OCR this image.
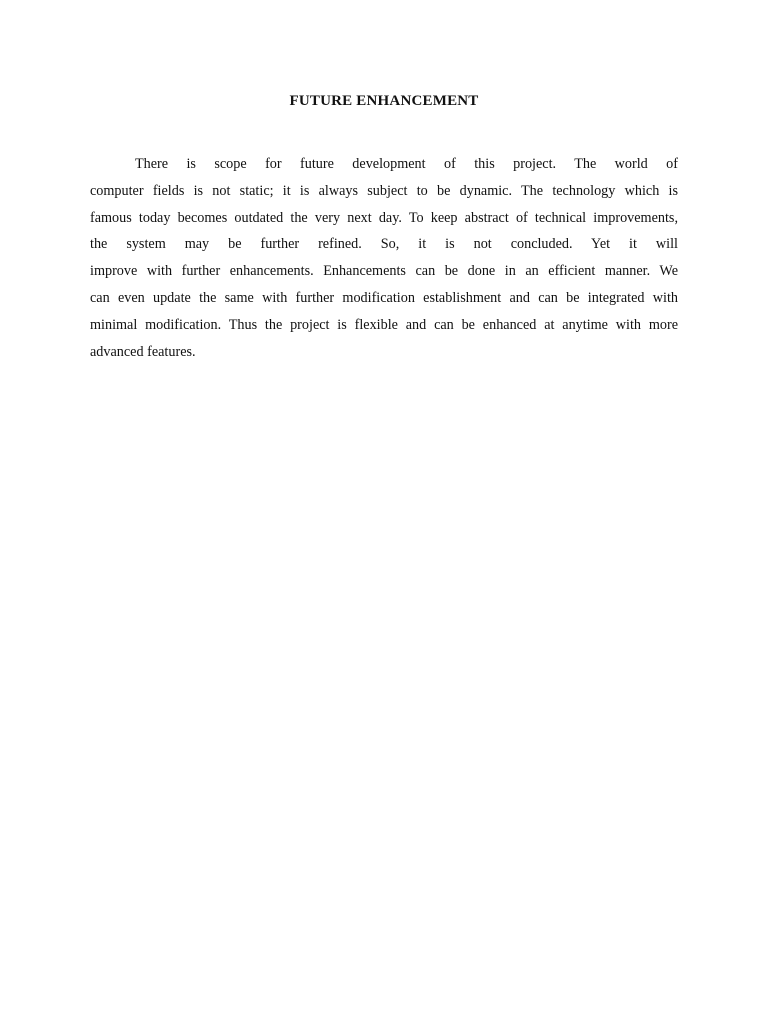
FUTURE ENHANCEMENT
There is scope for future development of this project. The world of
computer fields is not static; it is always subject to be dynamic. The technology which is
famous today becomes outdated the very next day. To keep abstract of technical improvements,
the system may be further refined. So, it is not concluded. Yet it will
improve with further enhancements. Enhancements can be done in an efficient manner. We
can even update the same with further modification establishment and can be integrated with
minimal modification. Thus the project is flexible and can be enhanced at anytime with more
advanced features.
